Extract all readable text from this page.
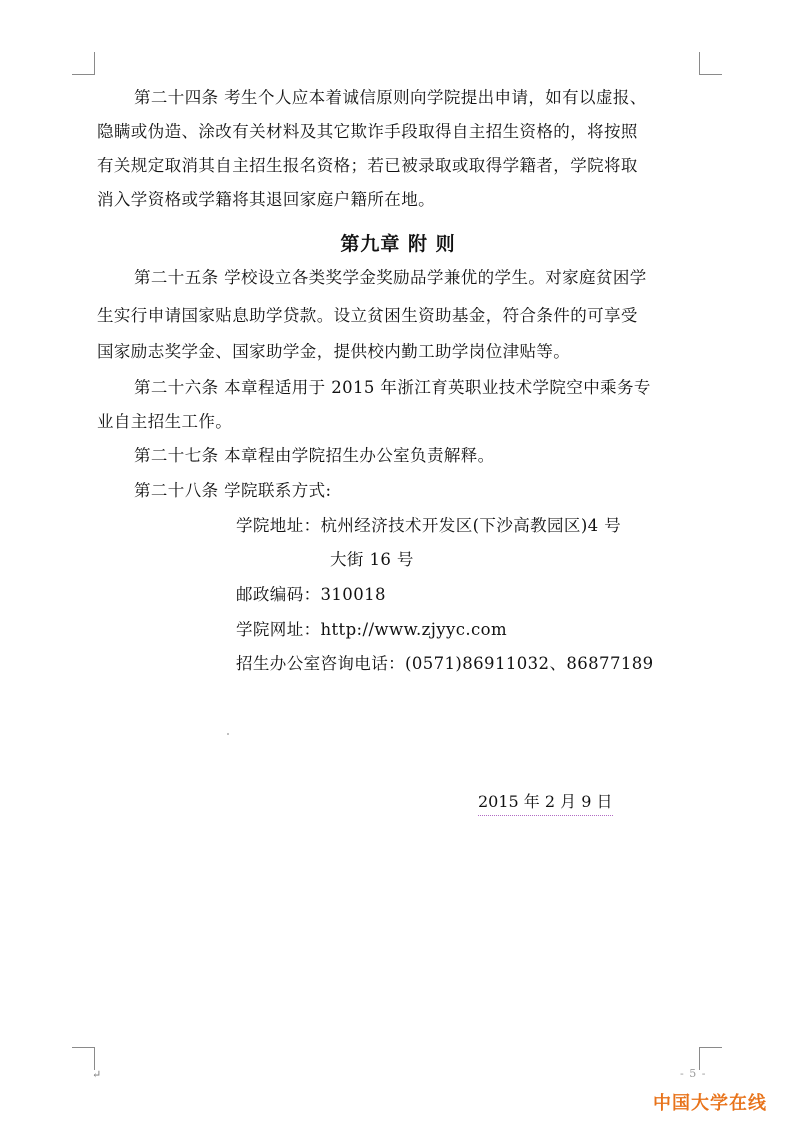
第二十四条 考生个人应本着诚信原则向学院提出申请，如有以虚报、
隐瞒或伪造、涂改有关材料及其它欺诈手段取得自主招生资格的，将按照
有关规定取消其自主招生报名资格；若已被录取或取得学籍者，学院将取
消入学资格或学籍将其退回家庭户籍所在地。
第九章 附 则
第二十五条 学校设立各类奖学金奖励品学兼优的学生。对家庭贫困学
生实行申请国家贴息助学贷款。设立贫困生资助基金，符合条件的可享受
国家励志奖学金、国家助学金，提供校内勤工助学岗位津贴等。
第二十六条 本章程适用于 2015 年浙江育英职业技术学院空中乘务专
业自主招生工作。
第二十七条 本章程由学院招生办公室负责解释。
第二十八条 学院联系方式:
学院地址：杭州经济技术开发区(下沙高教园区)4 号
大街 16 号
邮政编码：310018
学院网址：http://www.zjyyc.com
招生办公室咨询电话：(0571)86911032、86877189
2015 年 2 月 9 日
↵	- 5 -
中国大学在线
